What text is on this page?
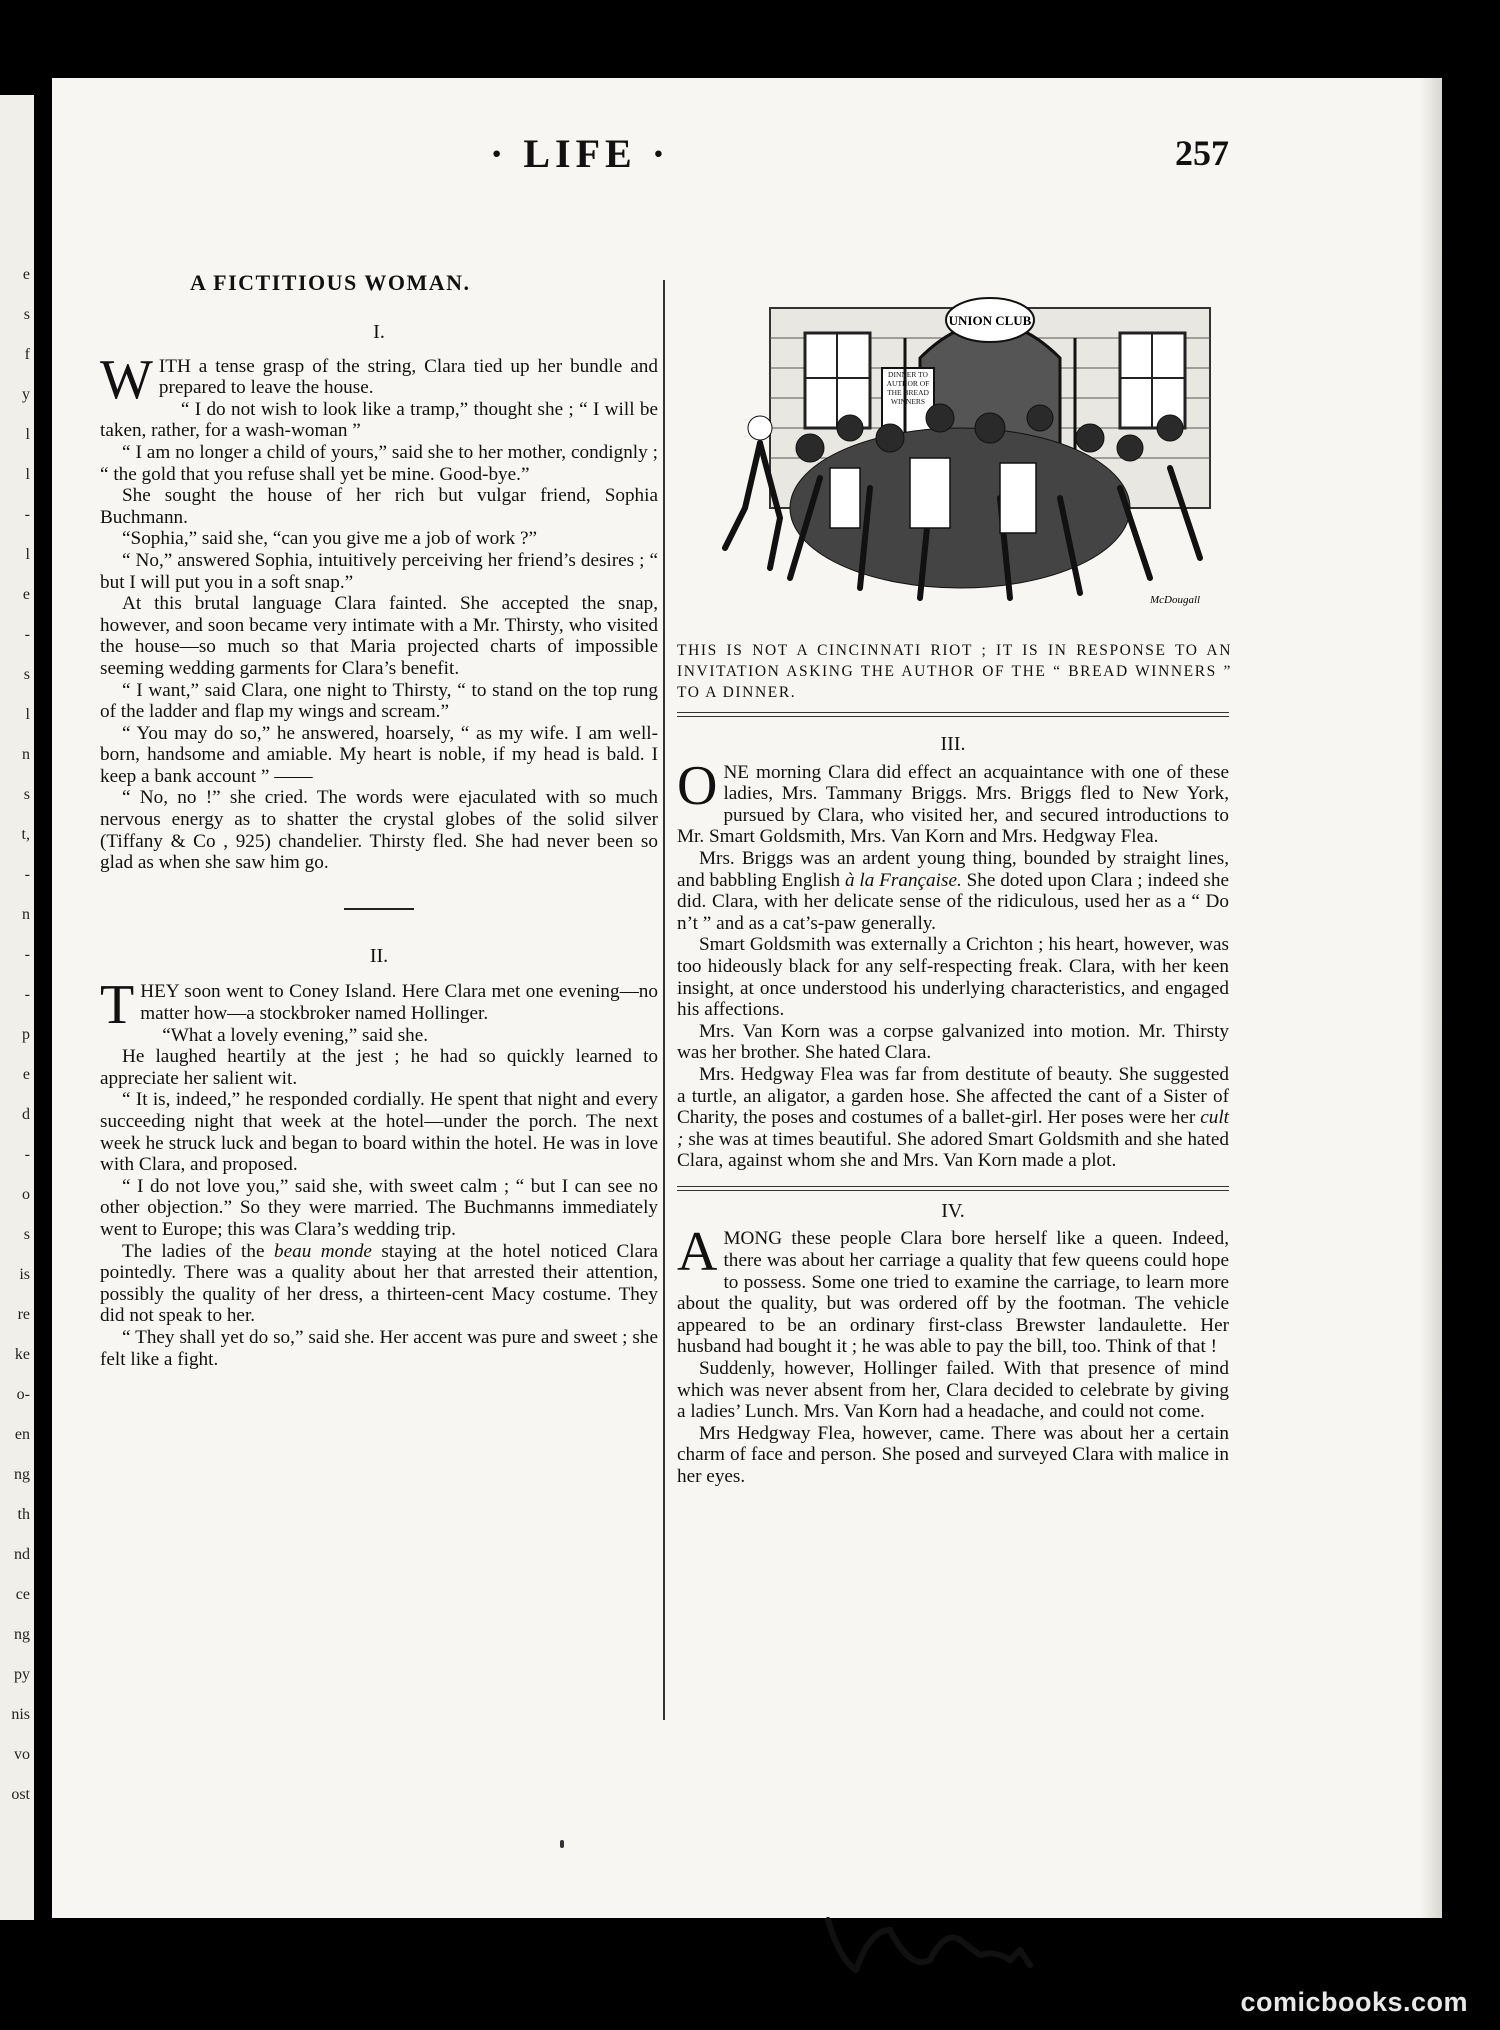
e
s
f
y
l
l
-
l
e
-
s
l
n
s
t,
-
n
-
-
p
e
d
-
o
s
is
re
ke
o-
en
ng
th
nd
ce
ng
py
nis
vo
ost
· LIFE ·	257
A FICTITIOUS WOMAN.

I.

WITH a tense grasp of the string, Clara tied up her bundle and prepared to leave the house.

“ I do not wish to look like a tramp,” thought she ; “ I will be taken, rather, for a wash-woman ”

“ I am no longer a child of yours,” said she to her mother, condignly ; “ the gold that you refuse shall yet be mine. Good-bye.”

She sought the house of her rich but vulgar friend, Sophia Buchmann.

“Sophia,” said she, “can you give me a job of work ?”

“ No,” answered Sophia, intuitively perceiving her friend’s desires ; “ but I will put you in a soft snap.”

At this brutal language Clara fainted. She accepted the snap, however, and soon became very intimate with a Mr. Thirsty, who visited the house—so much so that Maria projected charts of impossible seeming wedding garments for Clara’s benefit.

“ I want,” said Clara, one night to Thirsty, “ to stand on the top rung of the ladder and flap my wings and scream.”

“ You may do so,” he answered, hoarsely, “ as my wife. I am well-born, handsome and amiable. My heart is noble, if my head is bald. I keep a bank account ” ——

“ No, no !” she cried. The words were ejaculated with so much nervous energy as to shatter the crystal globes of the solid silver (Tiffany & Co , 925) chandelier. Thirsty fled. She had never been so glad as when she saw him go.

II.

THEY soon went to Coney Island. Here Clara met one evening—no matter how—a stockbroker named Hollinger.

“What a lovely evening,” said she.

He laughed heartily at the jest ; he had so quickly learned to appreciate her salient wit.

“ It is, indeed,” he responded cordially. He spent that night and every succeeding night that week at the hotel—under the porch. The next week he struck luck and began to board within the hotel. He was in love with Clara, and proposed.

“ I do not love you,” said she, with sweet calm ; “ but I can see no other objection.” So they were married. The Buchmanns immediately went to Europe; this was Clara’s wedding trip.

The ladies of the beau monde staying at the hotel noticed Clara pointedly. There was a quality about her that arrested their attention, possibly the quality of her dress, a thirteen-cent Macy costume. They did not speak to her.

“ They shall yet do so,” said she. Her accent was pure and sweet ; she felt like a fight.

UNION CLUB
DINNER TO AUTHOR OF THE BREAD WINNERS
McDougall
THIS IS NOT A CINCINNATI RIOT ; IT IS IN RESPONSE TO AN INVITATION ASKING THE AUTHOR OF THE “ BREAD WINNERS ” TO A DINNER.

III.

ONE morning Clara did effect an acquaintance with one of these ladies, Mrs. Tammany Briggs. Mrs. Briggs fled to New York, pursued by Clara, who visited her, and secured introductions to Mr. Smart Goldsmith, Mrs. Van Korn and Mrs. Hedgway Flea.

Mrs. Briggs was an ardent young thing, bounded by straight lines, and babbling English à la Française. She doted upon Clara ; indeed she did. Clara, with her delicate sense of the ridiculous, used her as a “ Do n’t ” and as a cat’s-paw generally.

Smart Goldsmith was externally a Crichton ; his heart, however, was too hideously black for any self-respecting freak. Clara, with her keen insight, at once understood his underlying characteristics, and engaged his affections.

Mrs. Van Korn was a corpse galvanized into motion. Mr. Thirsty was her brother. She hated Clara.

Mrs. Hedgway Flea was far from destitute of beauty. She suggested a turtle, an aligator, a garden hose. She affected the cant of a Sister of Charity, the poses and costumes of a ballet-girl. Her poses were her cult ; she was at times beautiful. She adored Smart Goldsmith and she hated Clara, against whom she and Mrs. Van Korn made a plot.

IV.

AMONG these people Clara bore herself like a queen. Indeed, there was about her carriage a quality that few queens could hope to possess. Some one tried to examine the carriage, to learn more about the quality, but was ordered off by the footman. The vehicle appeared to be an ordinary first-class Brewster landaulette. Her husband had bought it ; he was able to pay the bill, too. Think of that !

Suddenly, however, Hollinger failed. With that presence of mind which was never absent from her, Clara decided to celebrate by giving a ladies’ Lunch. Mrs. Van Korn had a headache, and could not come.

Mrs Hedgway Flea, however, came. There was about her a certain charm of face and person. She posed and surveyed Clara with malice in her eyes.

comicbooks.com
